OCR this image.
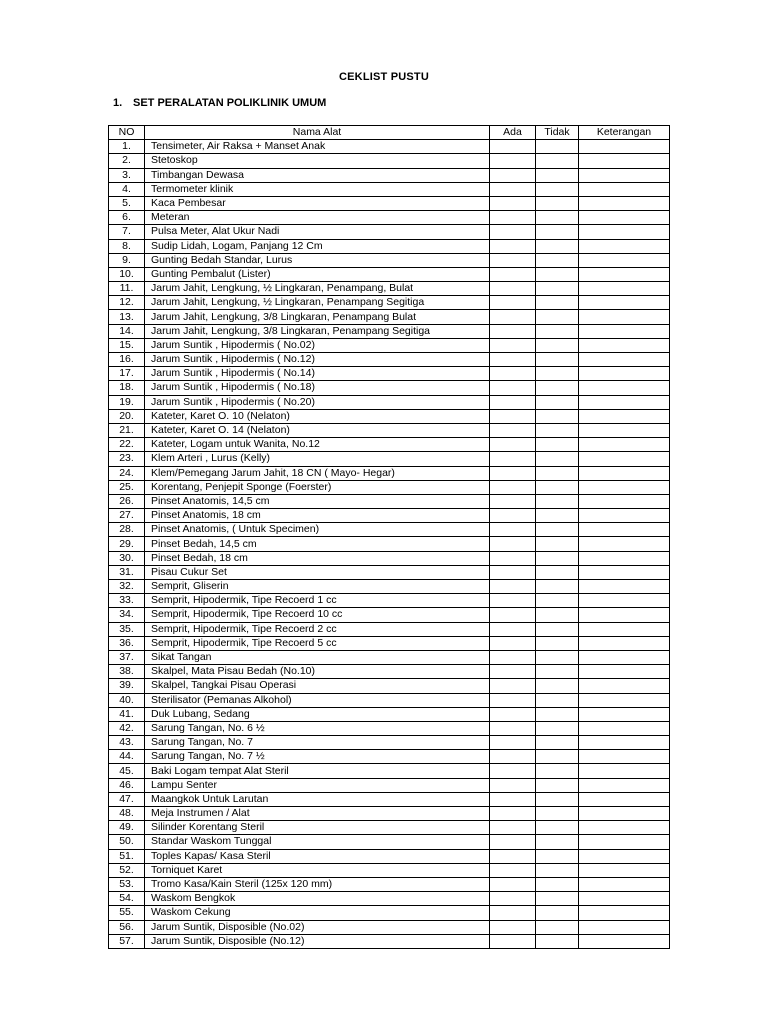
CEKLIST PUSTU
1. SET PERALATAN POLIKLINIK UMUM
NO	Nama Alat	Ada	Tidak	Keterangan
1.	Tensimeter, Air Raksa + Manset Anak			
2.	Stetoskop			
3.	Timbangan Dewasa			
4.	Termometer klinik			
5.	Kaca Pembesar			
6.	Meteran			
7.	Pulsa Meter, Alat Ukur Nadi			
8.	Sudip Lidah, Logam, Panjang 12 Cm			
9.	Gunting Bedah Standar, Lurus			
10.	Gunting Pembalut (Lister)			
11.	Jarum Jahit, Lengkung, ½ Lingkaran, Penampang, Bulat			
12.	Jarum Jahit, Lengkung, ½ Lingkaran, Penampang Segitiga			
13.	Jarum Jahit, Lengkung, 3/8 Lingkaran, Penampang Bulat			
14.	Jarum Jahit, Lengkung, 3/8 Lingkaran, Penampang Segitiga			
15.	Jarum Suntik , Hipodermis ( No.02)			
16.	Jarum Suntik , Hipodermis ( No.12)			
17.	Jarum Suntik , Hipodermis ( No.14)			
18.	Jarum Suntik , Hipodermis ( No.18)			
19.	Jarum Suntik , Hipodermis ( No.20)			
20.	Kateter, Karet O. 10 (Nelaton)			
21.	Kateter, Karet O. 14 (Nelaton)			
22.	Kateter, Logam untuk Wanita, No.12			
23.	Klem Arteri , Lurus (Kelly)			
24.	Klem/Pemegang Jarum Jahit, 18 CN ( Mayo- Hegar)			
25.	Korentang, Penjepit Sponge (Foerster)			
26.	Pinset Anatomis, 14,5 cm			
27.	Pinset Anatomis, 18 cm			
28.	Pinset Anatomis, ( Untuk Specimen)			
29.	Pinset Bedah, 14,5 cm			
30.	Pinset Bedah, 18 cm			
31.	Pisau Cukur Set			
32.	Semprit, Gliserin			
33.	Semprit, Hipodermik, Tipe Recoerd 1 cc			
34.	Semprit, Hipodermik, Tipe Recoerd 10 cc			
35.	Semprit, Hipodermik, Tipe Recoerd 2 cc			
36.	Semprit, Hipodermik, Tipe Recoerd 5 cc			
37.	Sikat Tangan			
38.	Skalpel, Mata Pisau Bedah (No.10)			
39.	Skalpel, Tangkai Pisau Operasi			
40.	Sterilisator (Pemanas Alkohol)			
41.	Duk Lubang, Sedang			
42.	Sarung Tangan, No. 6 ½			
43.	Sarung Tangan, No. 7			
44.	Sarung Tangan, No. 7 ½			
45.	Baki Logam tempat Alat Steril			
46.	Lampu Senter			
47.	Maangkok Untuk Larutan			
48.	Meja Instrumen / Alat			
49.	Silinder Korentang Steril			
50.	Standar Waskom Tunggal			
51.	Toples Kapas/ Kasa Steril			
52.	Torniquet Karet			
53.	Tromo Kasa/Kain Steril (125x 120 mm)			
54.	Waskom Bengkok			
55.	Waskom Cekung			
56.	Jarum Suntik, Disposible (No.02)			
57.	Jarum Suntik, Disposible (No.12)			
